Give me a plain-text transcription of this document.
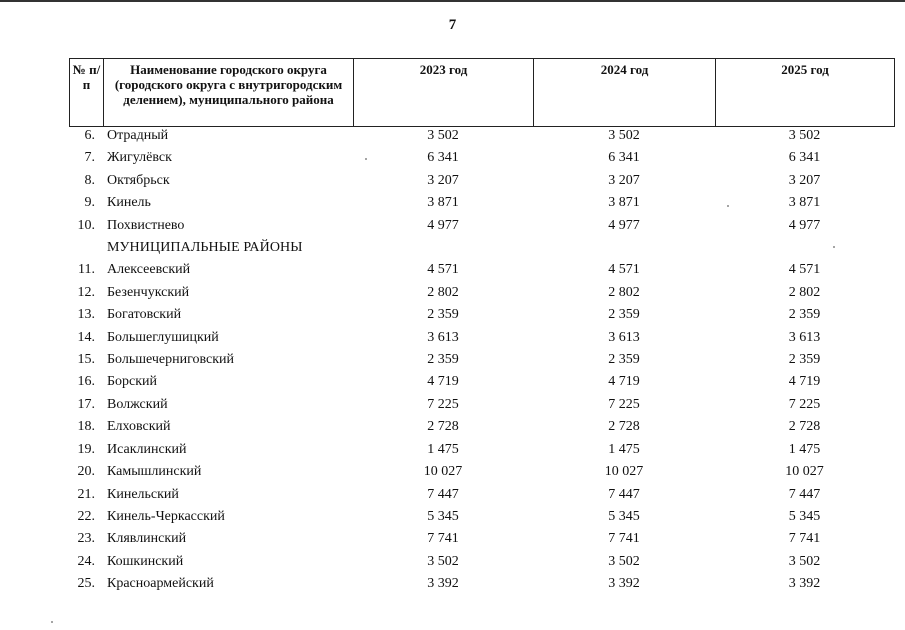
7
№ п/п	Наименование городского округа (городского округа с внутригородским делением), муниципального района	2023 год	2024 год	2025 год
6.	Отрадный	3 502	3 502	3 502
7.	Жигулёвск	6 341	6 341	6 341
8.	Октябрьск	3 207	3 207	3 207
9.	Кинель	3 871	3 871	3 871
10.	Похвистнево	4 977	4 977	4 977
	МУНИЦИПАЛЬНЫЕ РАЙОНЫ			
11.	Алексеевский	4 571	4 571	4 571
12.	Безенчукский	2 802	2 802	2 802
13.	Богатовский	2 359	2 359	2 359
14.	Большеглушицкий	3 613	3 613	3 613
15.	Большечерниговский	2 359	2 359	2 359
16.	Борский	4 719	4 719	4 719
17.	Волжский	7 225	7 225	7 225
18.	Елховский	2 728	2 728	2 728
19.	Исаклинский	1 475	1 475	1 475
20.	Камышлинский	10 027	10 027	10 027
21.	Кинельский	7 447	7 447	7 447
22.	Кинель-Черкасский	5 345	5 345	5 345
23.	Клявлинский	7 741	7 741	7 741
24.	Кошкинский	3 502	3 502	3 502
25.	Красноармейский	3 392	3 392	3 392
